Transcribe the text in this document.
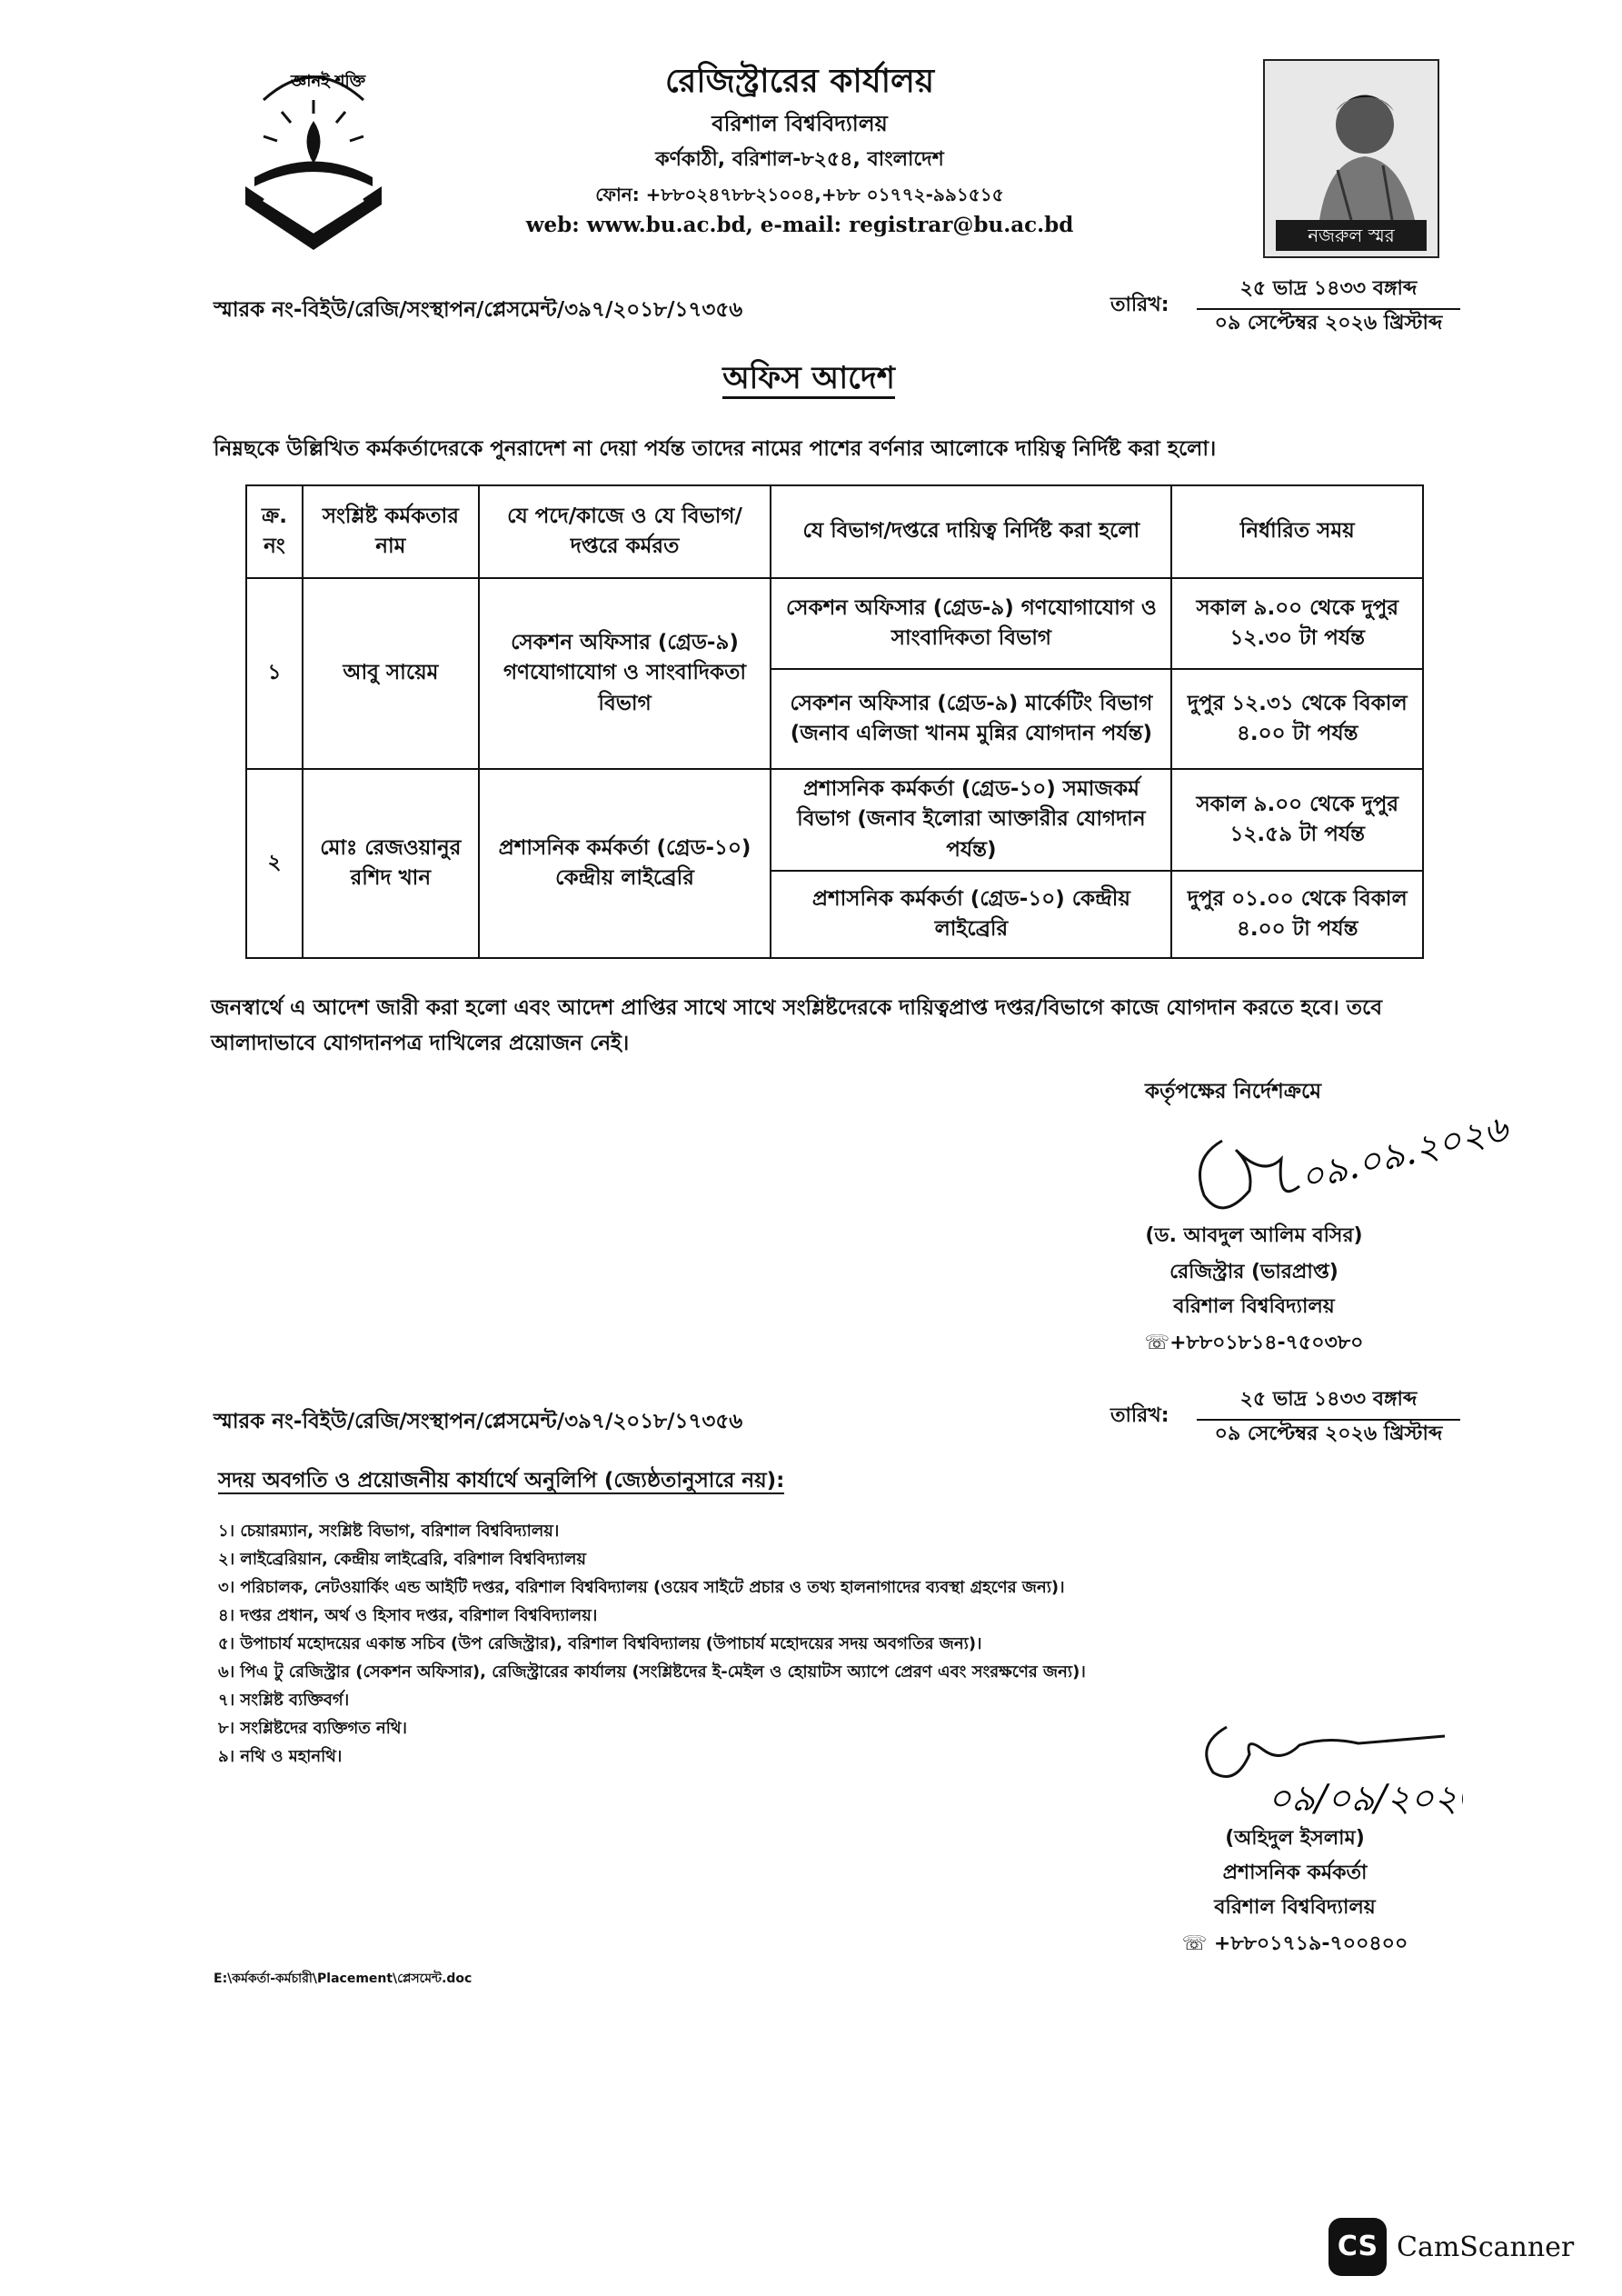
জ্ঞানই শক্তি	রেজিস্ট্রারের কার্যালয়
বরিশাল বিশ্ববিদ্যালয়
কর্ণকাঠী, বরিশাল-৮২৫৪, বাংলাদেশ
ফোন: +৮৮০২৪৭৮৮২১০০৪,+৮৮ ০১৭৭২-৯৯১৫১৫
web: www.bu.ac.bd, e-mail: registrar@bu.ac.bd	নজরুল স্মর
স্মারক নং-বিইউ/রেজি/সংস্থাপন/প্লেসমেন্ট/৩৯৭/২০১৮/১৭৩৫৬	তারিখ:
২৫ ভাদ্র ১৪৩৩ বঙ্গাব্দ
০৯ সেপ্টেম্বর ২০২৬ খ্রিস্টাব্দ
অফিস আদেশ
নিম্নছকে উল্লিখিত কর্মকর্তাদেরকে পুনরাদেশ না দেয়া পর্যন্ত তাদের নামের পাশের বর্ণনার আলোকে দায়িত্ব নির্দিষ্ট করা হলো।
ক্র. নং	সংশ্লিষ্ট কর্মকতার নাম	যে পদে/কাজে ও যে বিভাগ/দপ্তরে কর্মরত	যে বিভাগ/দপ্তরে দায়িত্ব নির্দিষ্ট করা হলো	নির্ধারিত সময়
১	আবু সায়েম	সেকশন অফিসার (গ্রেড-৯) গণযোগাযোগ ও সাংবাদিকতা বিভাগ	সেকশন অফিসার (গ্রেড-৯) গণযোগাযোগ ও সাংবাদিকতা বিভাগ	সকাল ৯.০০ থেকে দুপুর ১২.৩০ টা পর্যন্ত
			সেকশন অফিসার (গ্রেড-৯) মার্কেটিং বিভাগ (জনাব এলিজা খানম মুন্নির যোগদান পর্যন্ত)	দুপুর ১২.৩১ থেকে বিকাল ৪.০০ টা পর্যন্ত
২	মোঃ রেজওয়ানুর রশিদ খান	প্রশাসনিক কর্মকর্তা (গ্রেড-১০) কেন্দ্রীয় লাইব্রেরি	প্রশাসনিক কর্মকর্তা (গ্রেড-১০) সমাজকর্ম বিভাগ (জনাব ইলোরা আক্তারীর যোগদান পর্যন্ত)	সকাল ৯.০০ থেকে দুপুর ১২.৫৯ টা পর্যন্ত
			প্রশাসনিক কর্মকর্তা (গ্রেড-১০) কেন্দ্রীয় লাইব্রেরি	দুপুর ০১.০০ থেকে বিকাল ৪.০০ টা পর্যন্ত
জনস্বার্থে এ আদেশ জারী করা হলো এবং আদেশ প্রাপ্তির সাথে সাথে সংশ্লিষ্টদেরকে দায়িত্বপ্রাপ্ত দপ্তর/বিভাগে কাজে যোগদান করতে হবে। তবে আলাদাভাবে যোগদানপত্র দাখিলের প্রয়োজন নেই।
কর্তৃপক্ষের নির্দেশক্রমে
০৯.০৯.২০২৬
(ড. আবদুল আলিম বসির)
রেজিস্ট্রার (ভারপ্রাপ্ত)
বরিশাল বিশ্ববিদ্যালয়
☏+৮৮০১৮১৪-৭৫০৩৮০
স্মারক নং-বিইউ/রেজি/সংস্থাপন/প্লেসমেন্ট/৩৯৭/২০১৮/১৭৩৫৬	তারিখ:
২৫ ভাদ্র ১৪৩৩ বঙ্গাব্দ
০৯ সেপ্টেম্বর ২০২৬ খ্রিস্টাব্দ
সদয় অবগতি ও প্রয়োজনীয় কার্যার্থে অনুলিপি (জ্যেষ্ঠতানুসারে নয়):
১। চেয়ারম্যান, সংশ্লিষ্ট বিভাগ, বরিশাল বিশ্ববিদ্যালয়।
২। লাইব্রেরিয়ান, কেন্দ্রীয় লাইব্রেরি, বরিশাল বিশ্ববিদ্যালয়
৩। পরিচালক, নেটওয়ার্কিং এন্ড আইটি দপ্তর, বরিশাল বিশ্ববিদ্যালয় (ওয়েব সাইটে প্রচার ও তথ্য হালনাগাদের ব্যবস্থা গ্রহণের জন্য)।
৪। দপ্তর প্রধান, অর্থ ও হিসাব দপ্তর, বরিশাল বিশ্ববিদ্যালয়।
৫। উপাচার্য মহোদয়ের একান্ত সচিব (উপ রেজিস্ট্রার), বরিশাল বিশ্ববিদ্যালয় (উপাচার্য মহোদয়ের সদয় অবগতির জন্য)।
৬। পিএ টু রেজিস্ট্রার (সেকশন অফিসার), রেজিস্ট্রারের কার্যালয় (সংশ্লিষ্টদের ই-মেইল ও হোয়াটস অ্যাপে প্রেরণ এবং সংরক্ষণের জন্য)।
৭। সংশ্লিষ্ট ব্যক্তিবর্গ।
৮। সংশ্লিষ্টদের ব্যক্তিগত নথি।
৯। নথি ও মহানথি।
০৯/০৯/২০২৬
(অহিদুল ইসলাম)
প্রশাসনিক কর্মকর্তা
বরিশাল বিশ্ববিদ্যালয়
☏ +৮৮০১৭১৯-৭০০৪০০
E:\কর্মকর্তা-কর্মচারী\Placement\প্লেসমেন্ট.doc
CS CamScanner
